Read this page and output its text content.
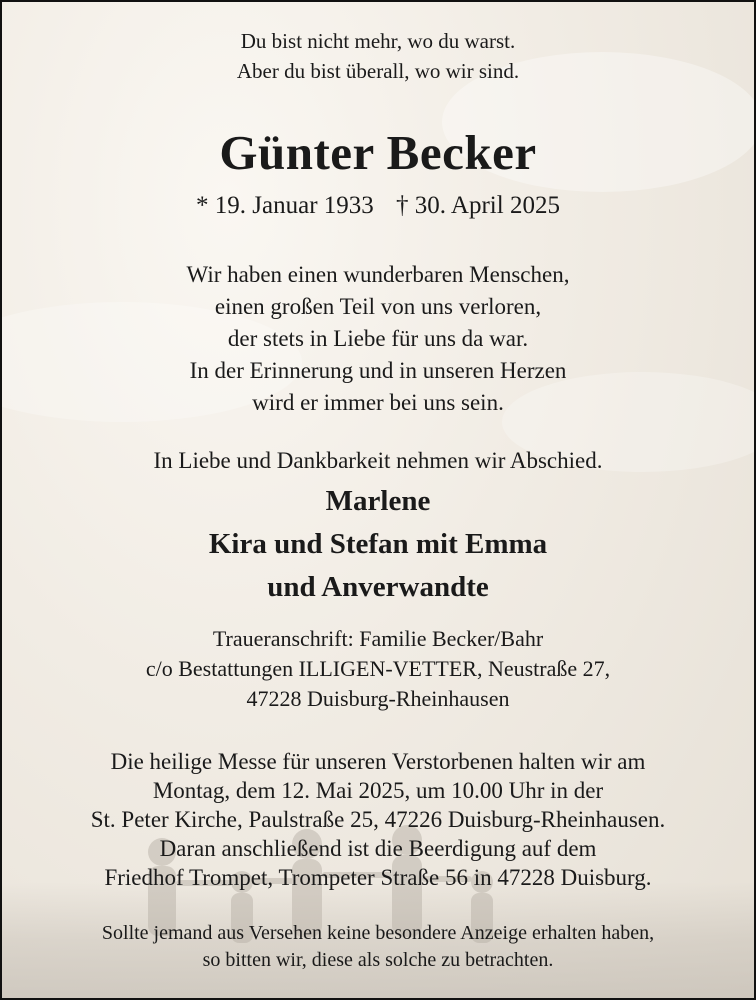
Du bist nicht mehr, wo du warst.
Aber du bist überall, wo wir sind.
Günter Becker
* 19. Januar 1933 † 30. April 2025
Wir haben einen wunderbaren Menschen,
einen großen Teil von uns verloren,
der stets in Liebe für uns da war.
In der Erinnerung und in unseren Herzen
wird er immer bei uns sein.
In Liebe und Dankbarkeit nehmen wir Abschied.
Marlene
Kira und Stefan mit Emma
und Anverwandte
Traueranschrift: Familie Becker/Bahr
c/o Bestattungen ILLIGEN-VETTER, Neustraße 27,
47228 Duisburg-Rheinhausen
Die heilige Messe für unseren Verstorbenen halten wir am
Montag, dem 12. Mai 2025, um 10.00 Uhr in der
St. Peter Kirche, Paulstraße 25, 47226 Duisburg-Rheinhausen.
Daran anschließend ist die Beerdigung auf dem
Friedhof Trompet, Trompeter Straße 56 in 47228 Duisburg.
Sollte jemand aus Versehen keine besondere Anzeige erhalten haben,
so bitten wir, diese als solche zu betrachten.
